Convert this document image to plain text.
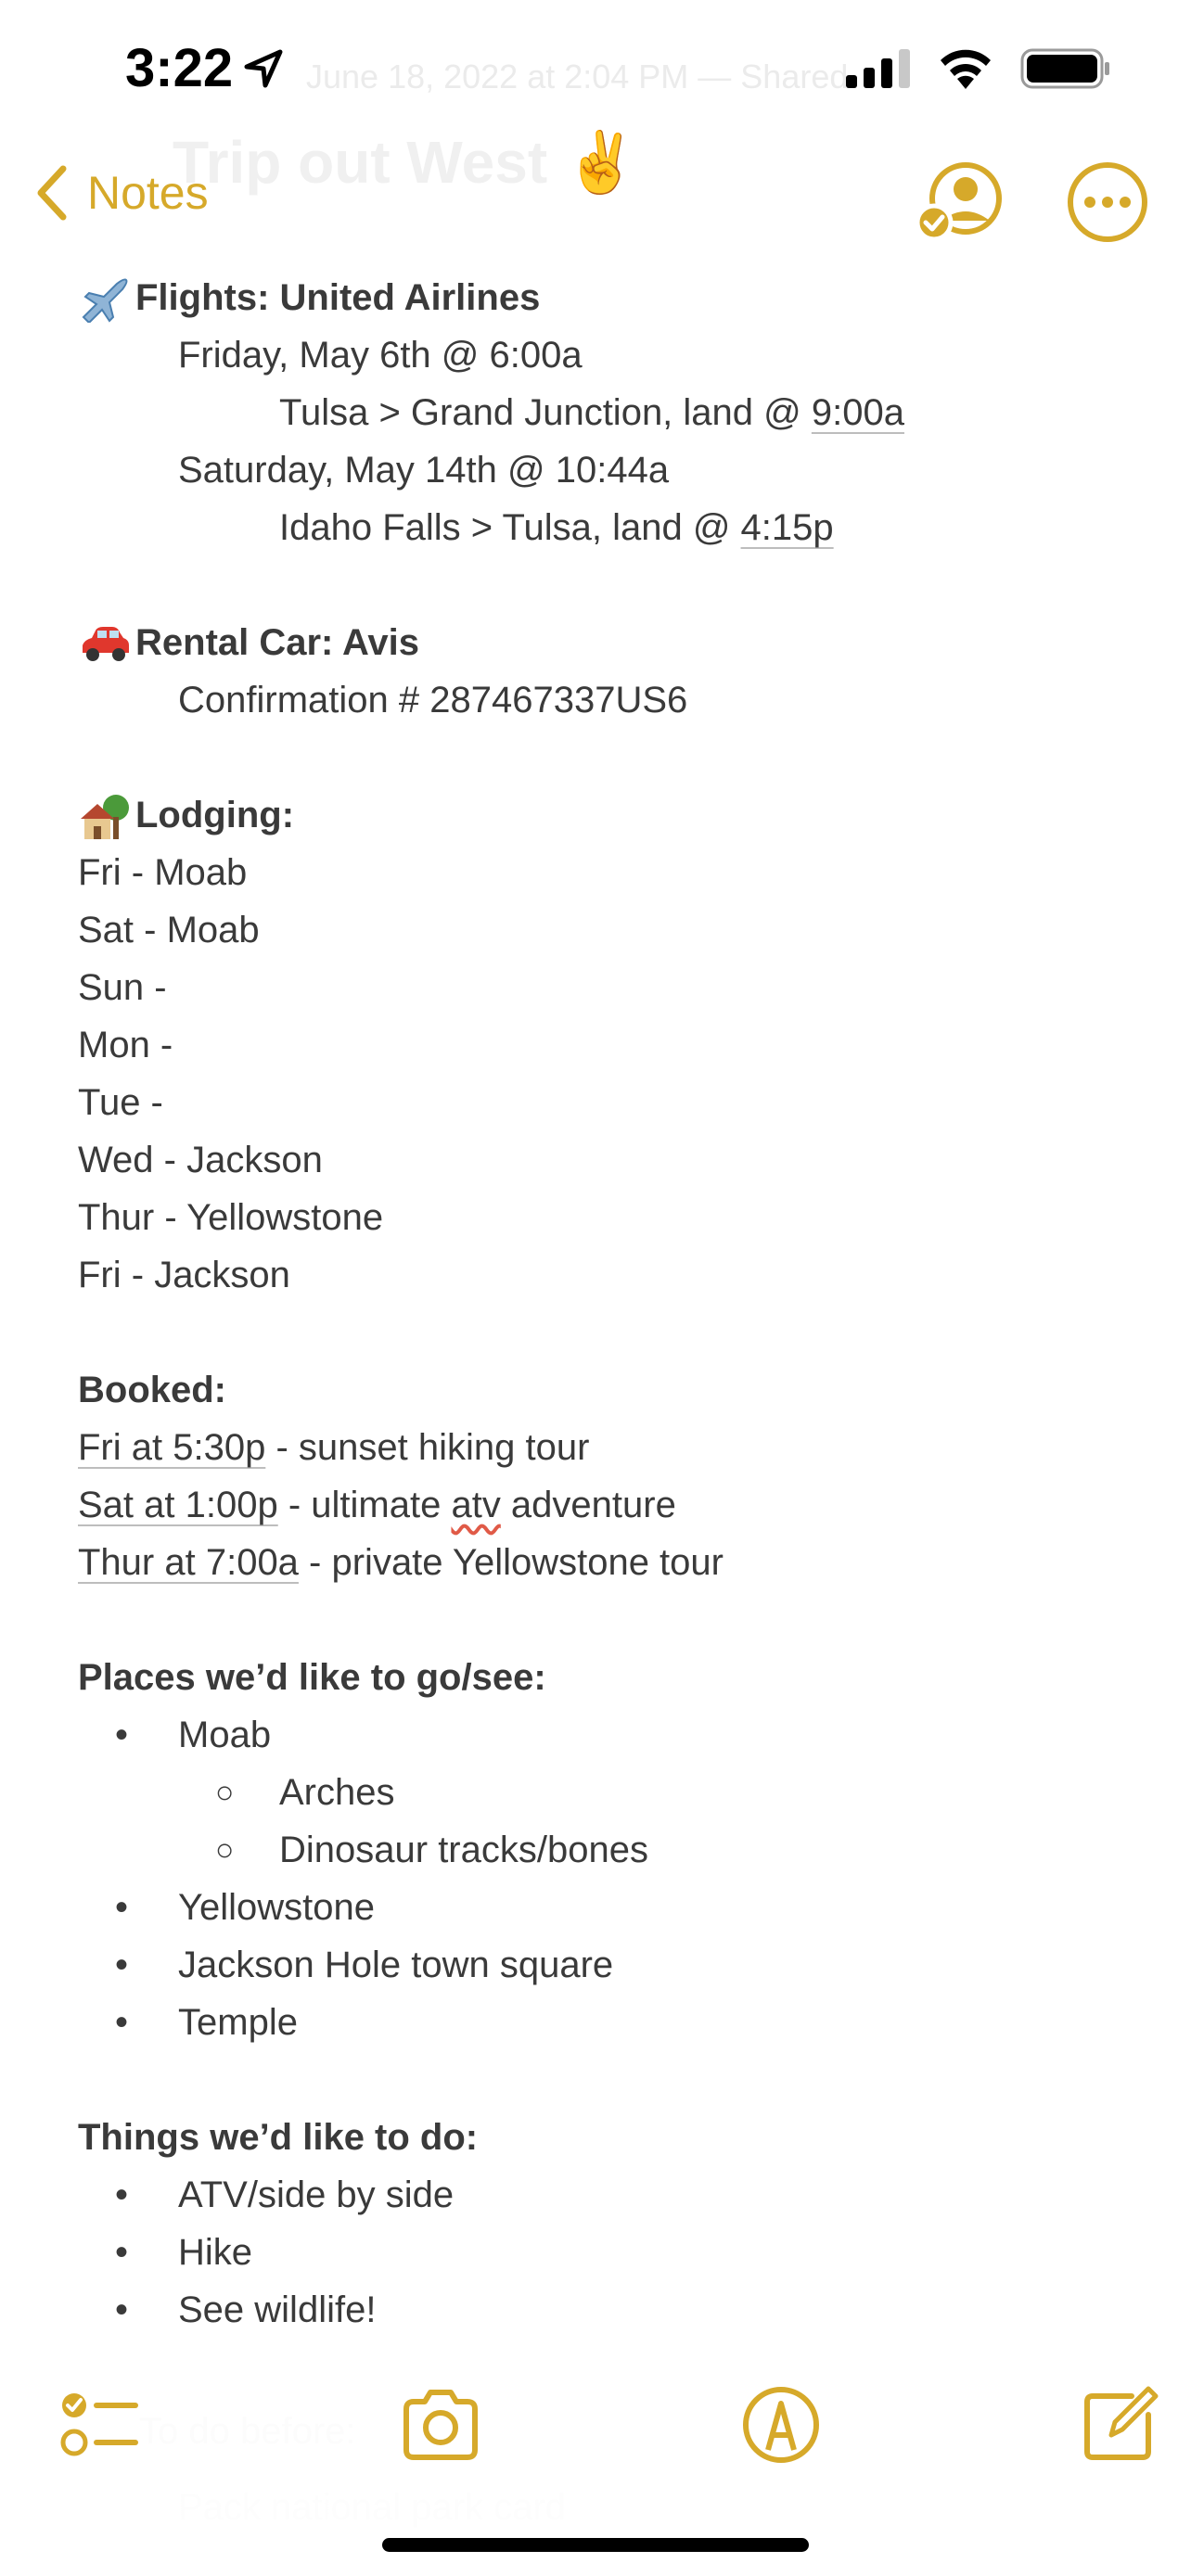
3:22 June 18, 2022 at 2:04 PM — Shared
Trip out West ✌️
Notes
Flights: United Airlines
Friday, May 6th @ 6:00a
Tulsa > Grand Junction, land @ 9:00a
Saturday, May 14th @ 10:44a
Idaho Falls > Tulsa, land @ 4:15p
Rental Car: Avis
Confirmation # 287467337US6
Lodging:
Fri - Moab
Sat - Moab
Sun -
Mon -
Tue -
Wed - Jackson
Thur - Yellowstone
Fri - Jackson
Booked:
Fri at 5:30p - sunset hiking tour
Sat at 1:00p - ultimate atv adventure
Thur at 7:00a - private Yellowstone tour
Places we’d like to go/see:
• Moab
○ Arches
○ Dinosaur tracks/bones
• Yellowstone
• Jackson Hole town square
• Temple
Things we’d like to do:
• ATV/side by side
• Hike
• See wildlife!
